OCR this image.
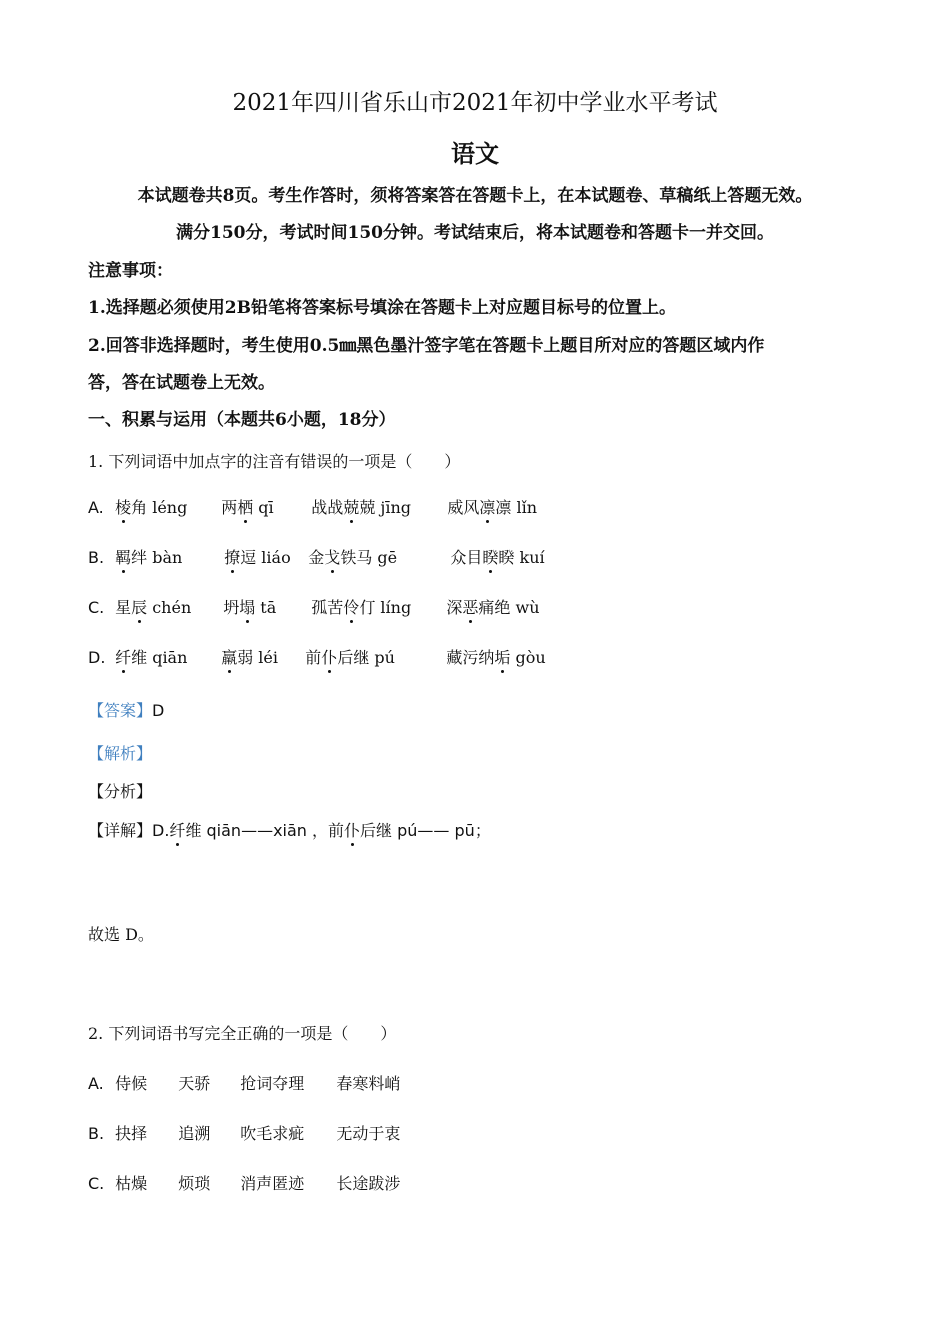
2021年四川省乐山市2021年初中学业水平考试
语文
本试题卷共8页。考生作答时，须将答案答在答题卡上，在本试题卷、草稿纸上答题无效。
满分150分，考试时间150分钟。考试结束后，将本试题卷和答题卡一并交回。
注意事项：
1.选择题必须使用2B铅笔将答案标号填涂在答题卡上对应题目标号的位置上。
2.回答非选择题时，考生使用0.5㎜黑色墨汁签字笔在答题卡上题目所对应的答题区域内作
答，答在试题卷上无效。
一、积累与运用（本题共6小题，18分）
1. 下列词语中加点字的注音有错误的一项是（　　）
A. 棱角 léng 两栖 qī 战战兢兢 jīng 威风凛凛 lǐn
B. 羁绊 bàn	撩逗 liáo 金戈铁马 gē	众目睽睽 kuí
C. 星辰 chén 坍塌 tā 孤苦伶仃 líng 深恶痛绝 wù
D. 纤维 qiān 羸弱 léi 前仆后继 pú	藏污纳垢 gòu
【答案】D
【解析】
【分析】
【详解】D.纤维 qiān——xiān ，前仆后继 pú—— pū；
故选 D。
2. 下列词语书写完全正确的一项是（　　）
A. 侍候 天骄 抢词夺理 春寒料峭
B. 抉择 追溯 吹毛求疵 无动于衷
C. 枯燥 烦琐 消声匿迹 长途跋涉
